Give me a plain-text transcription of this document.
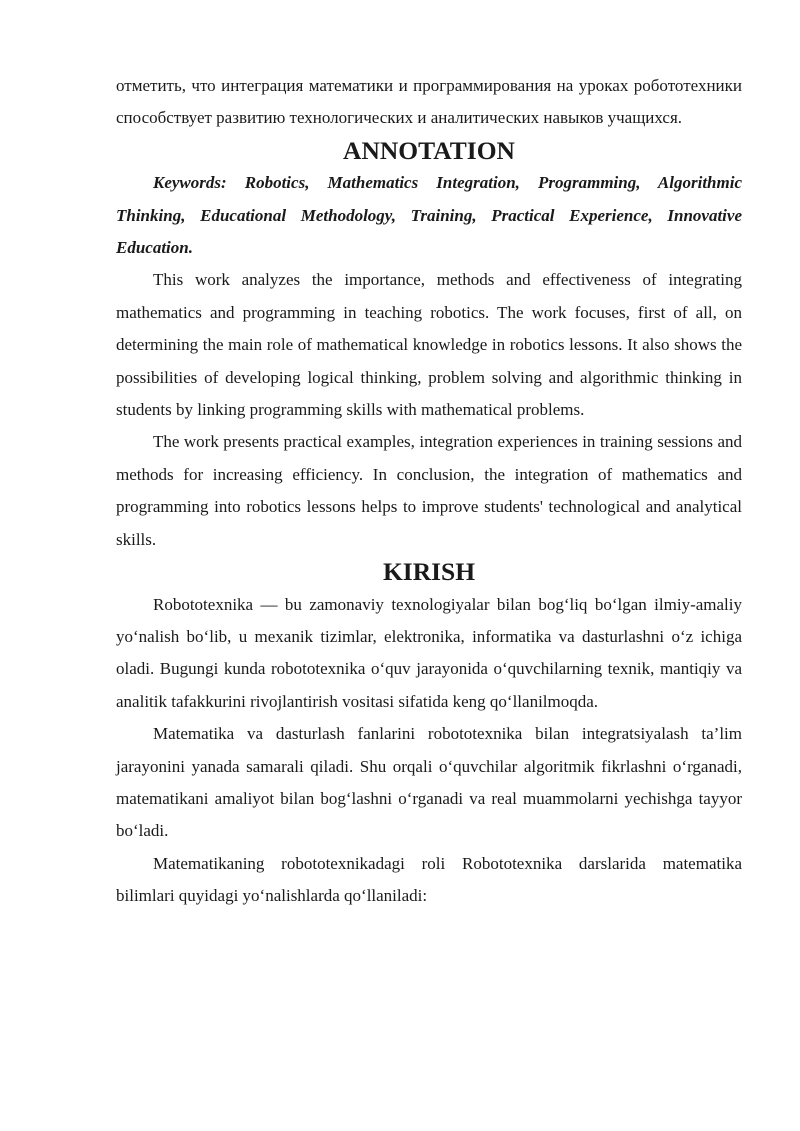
отметить, что интеграция математики и программирования на уроках робототехники способствует развитию технологических и аналитических навыков учащихся.

ANNOTATION

Keywords: Robotics, Mathematics Integration, Programming, Algorithmic Thinking, Educational Methodology, Training, Practical Experience, Innovative Education.

This work analyzes the importance, methods and effectiveness of integrating mathematics and programming in teaching robotics. The work focuses, first of all, on determining the main role of mathematical knowledge in robotics lessons. It also shows the possibilities of developing logical thinking, problem solving and algorithmic thinking in students by linking programming skills with mathematical problems.

The work presents practical examples, integration experiences in training sessions and methods for increasing efficiency. In conclusion, the integration of mathematics and programming into robotics lessons helps to improve students' technological and analytical skills.

KIRISH

Robototexnika — bu zamonaviy texnologiyalar bilan bog‘liq bo‘lgan ilmiy-amaliy yo‘nalish bo‘lib, u mexanik tizimlar, elektronika, informatika va dasturlashni o‘z ichiga oladi. Bugungi kunda robototexnika o‘quv jarayonida o‘quvchilarning texnik, mantiqiy va analitik tafakkurini rivojlantirish vositasi sifatida keng qo‘llanilmoqda.

Matematika va dasturlash fanlarini robototexnika bilan integratsiyalash ta’lim jarayonini yanada samarali qiladi. Shu orqali o‘quvchilar algoritmik fikrlashni o‘rganadi, matematikani amaliyot bilan bog‘lashni o‘rganadi va real muammolarni yechishga tayyor bo‘ladi.

Matematikaning robototexnikadagi roli Robototexnika darslarida matematika bilimlari quyidagi yo‘nalishlarda qo‘llaniladi:
